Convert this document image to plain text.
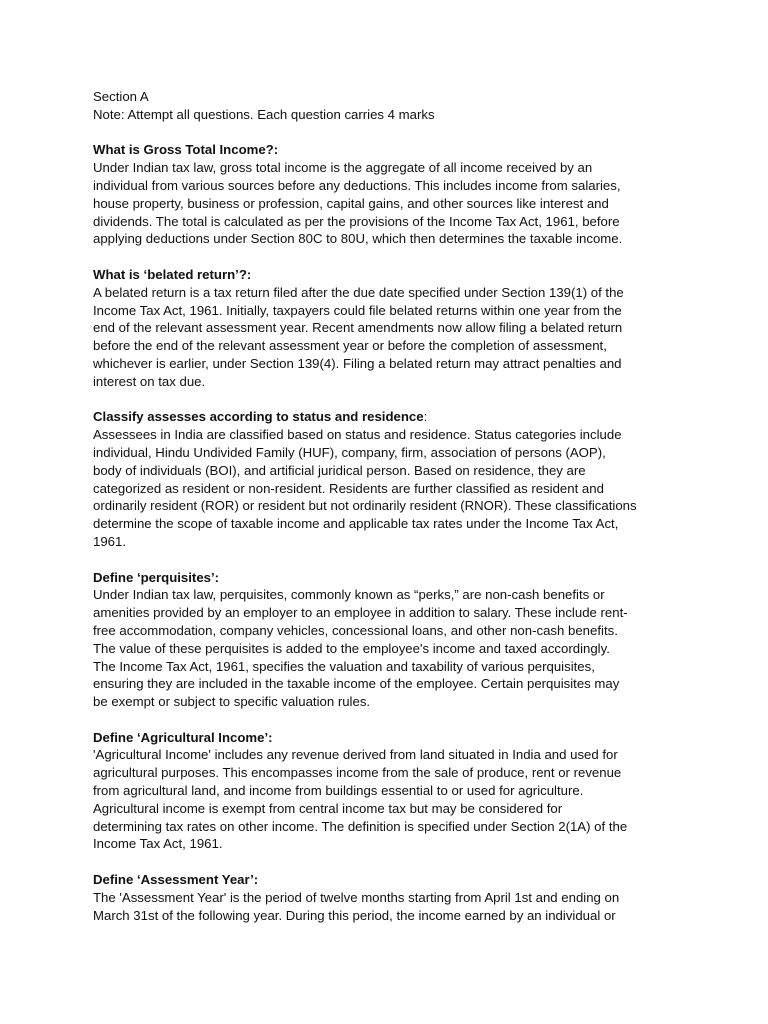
Section A

Note: Attempt all questions. Each question carries 4 marks

What is Gross Total Income?:

Under Indian tax law, gross total income is the aggregate of all income received by an
individual from various sources before any deductions. This includes income from salaries,
house property, business or profession, capital gains, and other sources like interest and
dividends. The total is calculated as per the provisions of the Income Tax Act, 1961, before
applying deductions under Section 80C to 80U, which then determines the taxable income.

What is ‘belated return’?:

A belated return is a tax return filed after the due date specified under Section 139(1) of the
Income Tax Act, 1961. Initially, taxpayers could file belated returns within one year from the
end of the relevant assessment year. Recent amendments now allow filing a belated return
before the end of the relevant assessment year or before the completion of assessment,
whichever is earlier, under Section 139(4). Filing a belated return may attract penalties and
interest on tax due.

Classify assesses according to status and residence:

Assessees in India are classified based on status and residence. Status categories include
individual, Hindu Undivided Family (HUF), company, firm, association of persons (AOP),
body of individuals (BOI), and artificial juridical person. Based on residence, they are
categorized as resident or non-resident. Residents are further classified as resident and
ordinarily resident (ROR) or resident but not ordinarily resident (RNOR). These classifications
determine the scope of taxable income and applicable tax rates under the Income Tax Act,
1961.

Define ‘perquisites’:

Under Indian tax law, perquisites, commonly known as “perks,” are non-cash benefits or
amenities provided by an employer to an employee in addition to salary. These include rent-
free accommodation, company vehicles, concessional loans, and other non-cash benefits.
The value of these perquisites is added to the employee's income and taxed accordingly.
The Income Tax Act, 1961, specifies the valuation and taxability of various perquisites,
ensuring they are included in the taxable income of the employee. Certain perquisites may
be exempt or subject to specific valuation rules.

Define ‘Agricultural Income’:

'Agricultural Income' includes any revenue derived from land situated in India and used for
agricultural purposes. This encompasses income from the sale of produce, rent or revenue
from agricultural land, and income from buildings essential to or used for agriculture.
Agricultural income is exempt from central income tax but may be considered for
determining tax rates on other income. The definition is specified under Section 2(1A) of the
Income Tax Act, 1961.

Define ‘Assessment Year’:

The 'Assessment Year' is the period of twelve months starting from April 1st and ending on
March 31st of the following year. During this period, the income earned by an individual or
